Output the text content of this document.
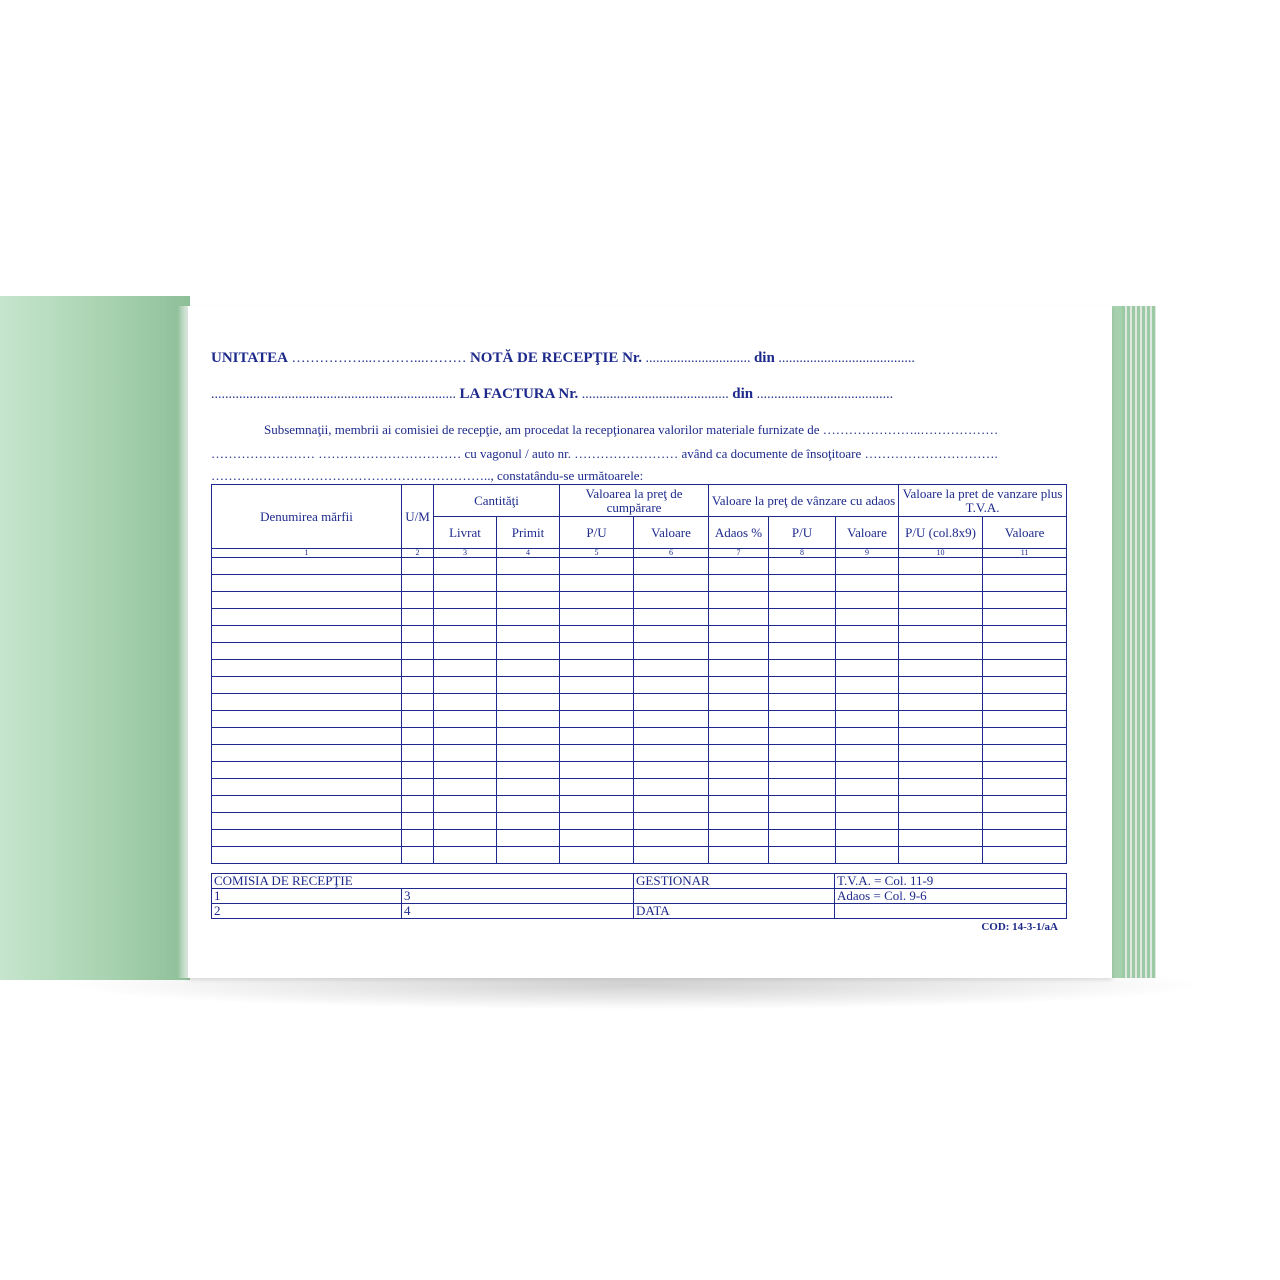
UNITATEA ……………...………...……… NOTĂ DE RECEPŢIE Nr. .............................. din .......................................
...................................................................... LA FACTURA Nr. .......................................... din .......................................
Subsemnaţii, membrii ai comisiei de recepţie, am procedat la recepţionarea valorilor materiale furnizate de …………………..………………
…………………… …………………………… cu vagonul / auto nr. …………………… având ca documente de însoţitoare ………………………….
……………………………………………………….., constatându-se următoarele:
Denumirea mărfii	U/M	Cantităţi		Valoarea la preţ de cumpărare		Valoare la preţ de vânzare cu adaos			Valoare la pret de vanzare plus T.V.A.	
		Livrat	Primit	P/U	Valoare	Adaos %	P/U	Valoare	P/U (col.8x9)	Valoare
1	2	3	4	5	6	7	8	9	10	11

COMISIA DE RECEPŢIE		GESTIONAR	T.V.A. = Col. 11-9
1	3		Adaos = Col. 9-6
2	4	DATA	
COD: 14-3-1/aA
